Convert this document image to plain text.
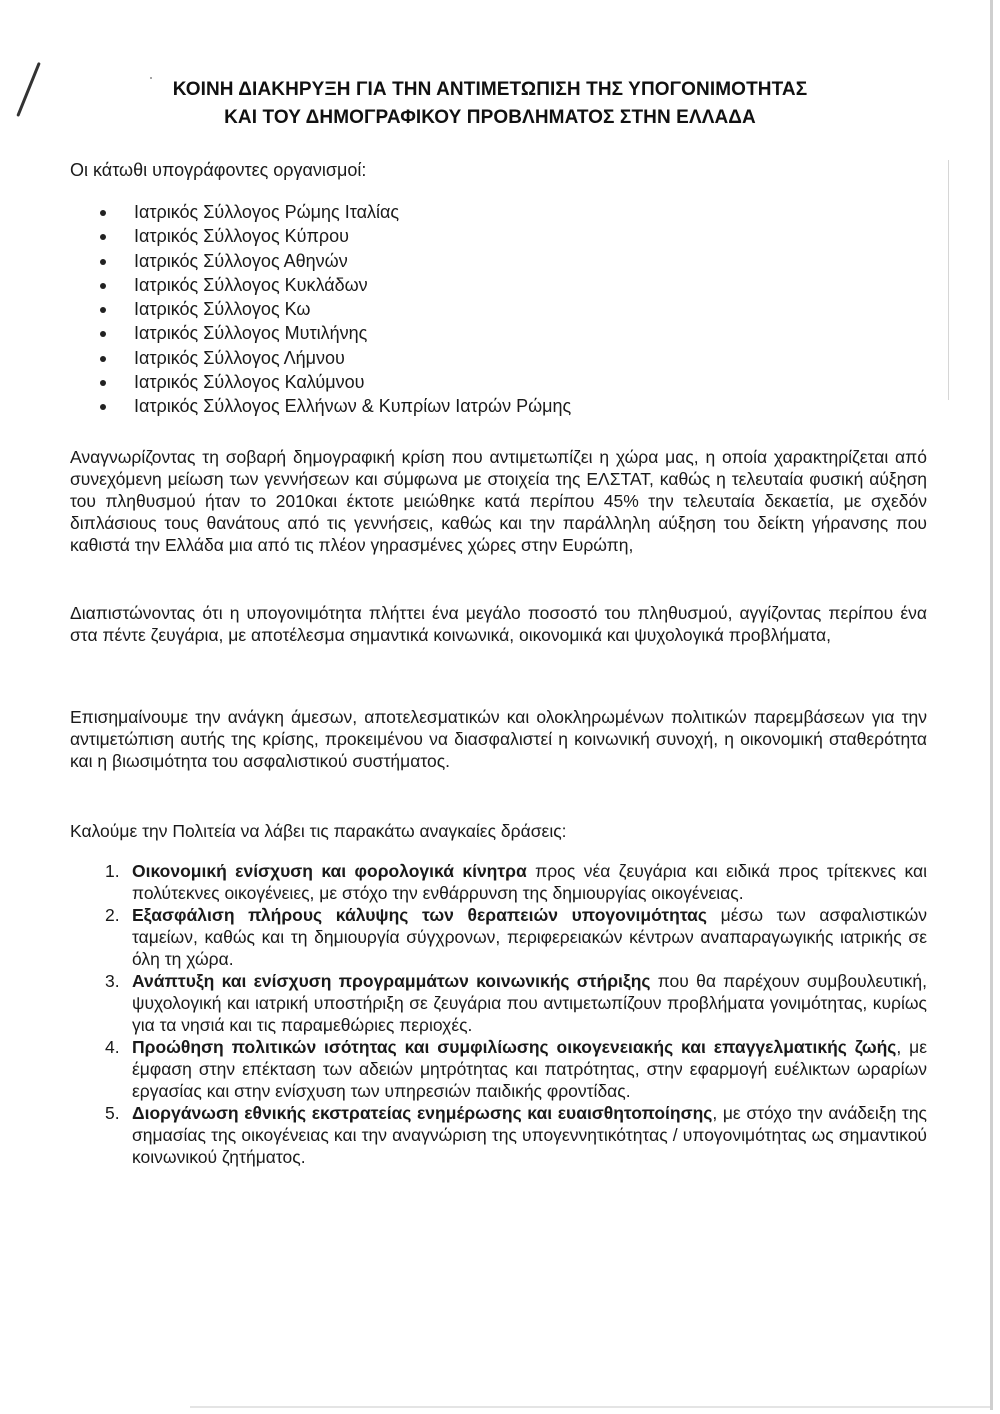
ΚΟΙΝΗ ΔΙΑΚΗΡΥΞΗ ΓΙΑ ΤΗΝ ΑΝΤΙΜΕΤΩΠΙΣΗ ΤΗΣ ΥΠΟΓΟΝΙΜΟΤΗΤΑΣ
ΚΑΙ ΤΟΥ ΔΗΜΟΓΡΑΦΙΚΟΥ ΠΡΟΒΛΗΜΑΤΟΣ ΣΤΗΝ ΕΛΛΑΔΑ
Οι κάτωθι υπογράφοντες οργανισμοί:
Ιατρικός Σύλλογος Ρώμης Ιταλίας
Ιατρικός Σύλλογος Κύπρου
Ιατρικός Σύλλογος Αθηνών
Ιατρικός Σύλλογος Κυκλάδων
Ιατρικός Σύλλογος Κω
Ιατρικός Σύλλογος Μυτιλήνης
Ιατρικός Σύλλογος Λήμνου
Ιατρικός Σύλλογος Καλύμνου
Ιατρικός Σύλλογος Ελλήνων & Κυπρίων Ιατρών Ρώμης

Αναγνωρίζοντας τη σοβαρή δημογραφική κρίση που αντιμετωπίζει η χώρα μας, η οποία χαρακτηρίζεται από συνεχόμενη μείωση των γεννήσεων και σύμφωνα με στοιχεία της ΕΛΣΤΑΤ, καθώς η τελευταία φυσική αύξηση του πληθυσμού ήταν το 2010και έκτοτε μειώθηκε κατά περίπου 45% την τελευταία δεκαετία, με σχεδόν διπλάσιους τους θανάτους από τις γεννήσεις, καθώς και την παράλληλη αύξηση του δείκτη γήρανσης που καθιστά την Ελλάδα μια από τις πλέον γηρασμένες χώρες στην Ευρώπη,

Διαπιστώνοντας ότι η υπογονιμότητα πλήττει ένα μεγάλο ποσοστό του πληθυσμού, αγγίζοντας περίπου ένα στα πέντε ζευγάρια, με αποτέλεσμα σημαντικά κοινωνικά, οικονομικά και ψυχολογικά προβλήματα,

Επισημαίνουμε την ανάγκη άμεσων, αποτελεσματικών και ολοκληρωμένων πολιτικών παρεμβάσεων για την αντιμετώπιση αυτής της κρίσης, προκειμένου να διασφαλιστεί η κοινωνική συνοχή, η οικονομική σταθερότητα και η βιωσιμότητα του ασφαλιστικού συστήματος.

Καλούμε την Πολιτεία να λάβει τις παρακάτω αναγκαίες δράσεις:

1. Οικονομική ενίσχυση και φορολογικά κίνητρα προς νέα ζευγάρια και ειδικά προς τρίτεκνες και πολύτεκνες οικογένειες, με στόχο την ενθάρρυνση της δημιουργίας οικογένειας.
2. Εξασφάλιση πλήρους κάλυψης των θεραπειών υπογονιμότητας μέσω των ασφαλιστικών ταμείων, καθώς και τη δημιουργία σύγχρονων, περιφερειακών κέντρων αναπαραγωγικής ιατρικής σε όλη τη χώρα.
3. Ανάπτυξη και ενίσχυση προγραμμάτων κοινωνικής στήριξης που θα παρέχουν συμβουλευτική, ψυχολογική και ιατρική υποστήριξη σε ζευγάρια που αντιμετωπίζουν προβλήματα γονιμότητας, κυρίως για τα νησιά και τις παραμεθώριες περιοχές.
4. Προώθηση πολιτικών ισότητας και συμφιλίωσης οικογενειακής και επαγγελματικής ζωής, με έμφαση στην επέκταση των αδειών μητρότητας και πατρότητας, στην εφαρμογή ευέλικτων ωραρίων εργασίας και στην ενίσχυση των υπηρεσιών παιδικής φροντίδας.
5. Διοργάνωση εθνικής εκστρατείας ενημέρωσης και ευαισθητοποίησης, με στόχο την ανάδειξη της σημασίας της οικογένειας και την αναγνώριση της υπογεννητικότητας / υπογονιμότητας ως σημαντικού κοινωνικού ζητήματος.
